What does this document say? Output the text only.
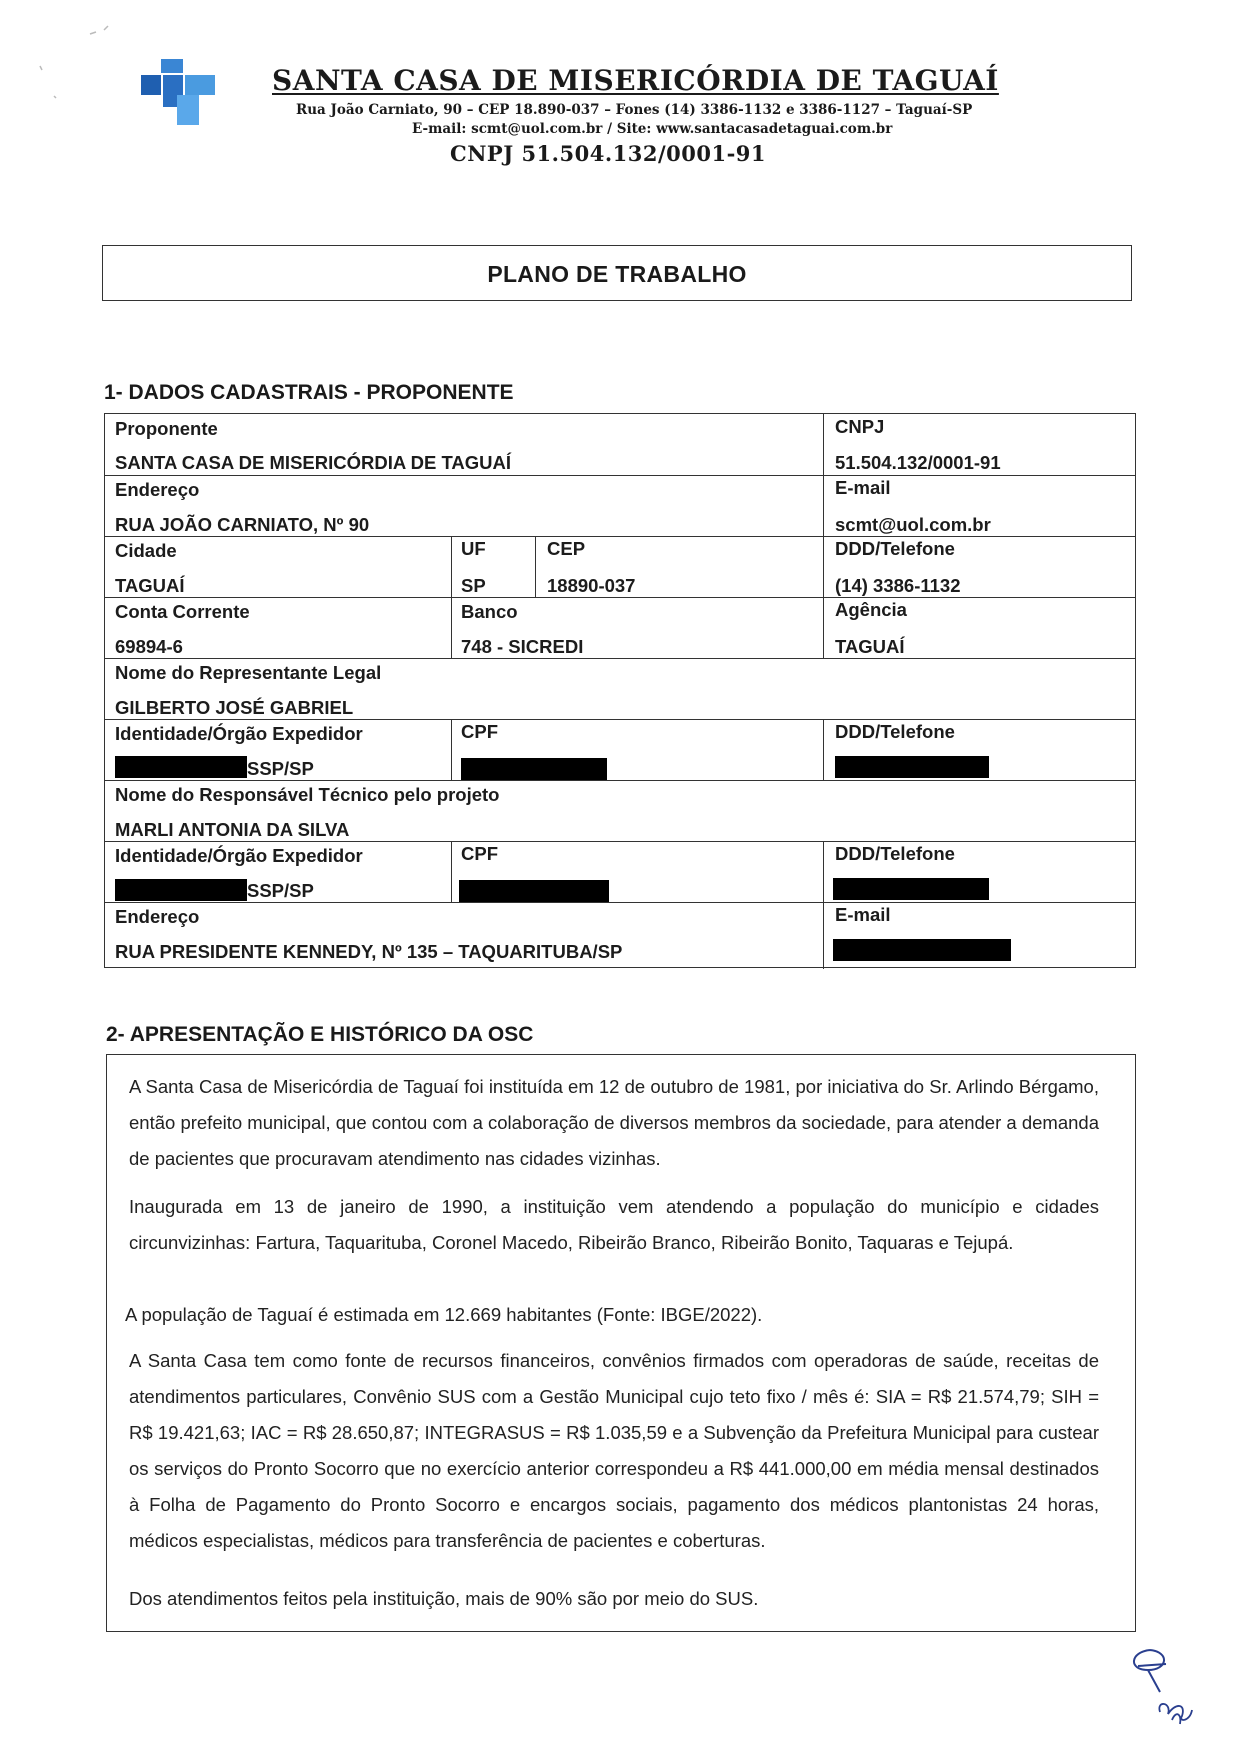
SANTA CASA DE MISERICÓRDIA DE TAGUAÍ
Rua João Carniato, 90 – CEP 18.890-037 – Fones (14) 3386-1132 e 3386-1127 – Taguaí-SP
E-mail: scmt@uol.com.br / Site: www.santacasadetaguai.com.br
CNPJ 51.504.132/0001-91
PLANO DE TRABALHO
1- DADOS CADASTRAIS - PROPONENTE
Proponente
SANTA CASA DE MISERICÓRDIA DE TAGUAÍ
CNPJ
51.504.132/0001-91
Endereço
RUA JOÃO CARNIATO, Nº 90
E-mail
scmt@uol.com.br
Cidade
TAGUAÍ
UF
SP
CEP
18890-037
DDD/Telefone
(14) 3386-1132
Conta Corrente
69894-6
Banco
748 - SICREDI
Agência
TAGUAÍ
Nome do Representante Legal
GILBERTO JOSÉ GABRIEL
Identidade/Órgão Expedidor
SSP/SP
CPF	DDD/Telefone
Nome do Responsável Técnico pelo projeto
MARLI ANTONIA DA SILVA
Identidade/Órgão Expedidor
SSP/SP
CPF	DDD/Telefone
Endereço
RUA PRESIDENTE KENNEDY, Nº 135 – TAQUARITUBA/SP
E-mail
2- APRESENTAÇÃO E HISTÓRICO DA OSC
A Santa Casa de Misericórdia de Taguaí foi instituída em 12 de outubro de 1981, por iniciativa do Sr. Arlindo Bérgamo, então prefeito municipal, que contou com a colaboração de diversos membros da sociedade, para atender a demanda de pacientes que procuravam atendimento nas cidades vizinhas.
Inaugurada em 13 de janeiro de 1990, a instituição vem atendendo a população do município e cidades circunvizinhas: Fartura, Taquarituba, Coronel Macedo, Ribeirão Branco, Ribeirão Bonito, Taquaras e Tejupá.
A população de Taguaí é estimada em 12.669 habitantes (Fonte: IBGE/2022).
A Santa Casa tem como fonte de recursos financeiros, convênios firmados com operadoras de saúde, receitas de atendimentos particulares, Convênio SUS com a Gestão Municipal cujo teto fixo / mês é: SIA = R$ 21.574,79; SIH = R$ 19.421,63; IAC = R$ 28.650,87; INTEGRASUS = R$ 1.035,59 e a Subvenção da Prefeitura Municipal para custear os serviços do Pronto Socorro que no exercício anterior correspondeu a R$ 441.000,00 em média mensal destinados à Folha de Pagamento do Pronto Socorro e encargos sociais, pagamento dos médicos plantonistas 24 horas, médicos especialistas, médicos para transferência de pacientes e coberturas.
Dos atendimentos feitos pela instituição, mais de 90% são por meio do SUS.
